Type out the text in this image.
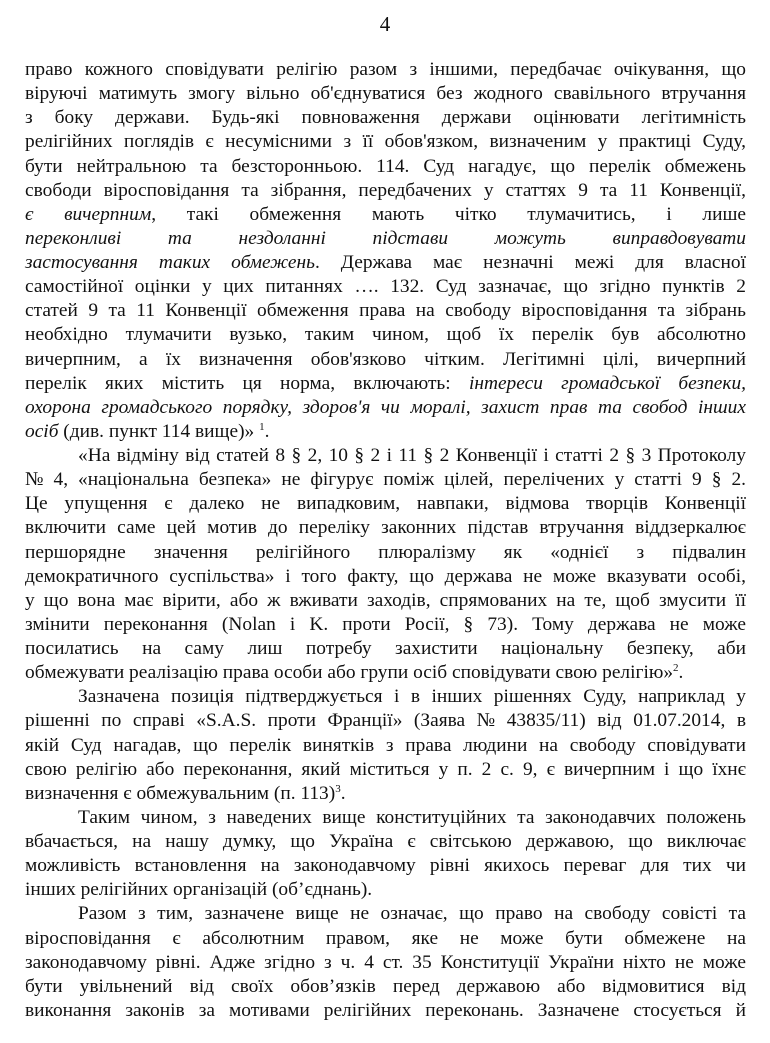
4
право кожного сповідувати релігію разом з іншими, передбачає очікування, що
віруючі матимуть змогу вільно об'єднуватися без жодного свавільного втручання
з боку держави. Будь-які повноваження держави оцінювати легітимність
релігійних поглядів є несумісними з її обов'язком, визначеним у практиці Суду,
бути нейтральною та безсторонньою. 114. Суд нагадує, що перелік обмежень
свободи віросповідання та зібрання, передбачених у статтях 9 та 11 Конвенції,
є вичерпним, такі обмеження мають чітко тлумачитись, і лише
переконливі та нездоланні підстави можуть виправдовувати
застосування таких обмежень. Держава має незначні межі для власної
самостійної оцінки у цих питаннях …. 132. Суд зазначає, що згідно пунктів 2
статей 9 та 11 Конвенції обмеження права на свободу віросповідання та зібрань
необхідно тлумачити вузько, таким чином, щоб їх перелік був абсолютно
вичерпним, а їх визначення обов'язково чітким. Легітимні цілі, вичерпний
перелік яких містить ця норма, включають: інтереси громадської безпеки,
охорона громадського порядку, здоров'я чи моралі, захист прав та свобод інших
осіб (див. пункт 114 вище)» $^1$.
«На відміну від статей 8 § 2, 10 § 2 і 11 § 2 Конвенції і статті 2 § 3 Протоколу
№ 4, «національна безпека» не фігурує поміж цілей, перелічених у статті 9 § 2.
Це упущення є далеко не випадковим, навпаки, відмова творців Конвенції
включити саме цей мотив до переліку законних підстав втручання віддзеркалює
першорядне значення релігійного плюралізму як «однієї з підвалин
демократичного суспільства» і того факту, що держава не може вказувати особі,
у що вона має вірити, або ж вживати заходів, спрямованих на те, щоб змусити її
змінити переконання (Nolan і K. проти Росії, § 73). Тому держава не може
посилатись на саму лиш потребу захистити національну безпеку, аби
обмежувати реалізацію права особи або групи осіб сповідувати свою релігію»$^2$.
Зазначена позиція підтверджується і в інших рішеннях Суду, наприклад у
рішенні по справі «S.A.S. проти Франції» (Заява № 43835/11) від 01.07.2014, в
якій Суд нагадав, що перелік винятків з права людини на свободу сповідувати
свою релігію або переконання, який міститься у п. 2 с. 9, є вичерпним і що їхнє
визначення є обмежувальним (п. 113)$^3$.
Таким чином, з наведених вище конституційних та законодавчих положень
вбачається, на нашу думку, що Україна є світською державою, що виключає
можливість встановлення на законодавчому рівні якихось переваг для тих чи
інших релігійних організацій (об’єднань).
Разом з тим, зазначене вище не означає, що право на свободу совісті та
віросповідання є абсолютним правом, яке не може бути обмежене на
законодавчому рівні. Адже згідно з ч. 4 ст. 35 Конституції України ніхто не може
бути увільнений від своїх обов’язків перед державою або відмовитися від
виконання законів за мотивами релігійних переконань. Зазначене стосується й
